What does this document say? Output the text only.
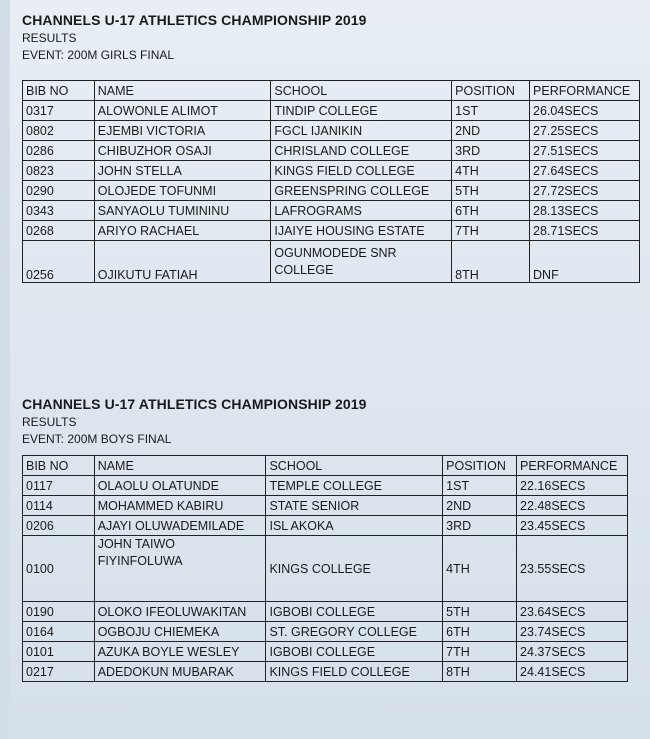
CHANNELS U-17 ATHLETICS CHAMPIONSHIP 2019
RESULTS
EVENT: 200M GIRLS FINAL
BIB NO	NAME	SCHOOL	POSITION	PERFORMANCE
0317	ALOWONLE ALIMOT	TINDIP COLLEGE	1ST	26.04SECS
0802	EJEMBI VICTORIA	FGCL IJANIKIN	2ND	27.25SECS
0286	CHIBUZHOR OSAJI	CHRISLAND COLLEGE	3RD	27.51SECS
0823	JOHN STELLA	KINGS FIELD COLLEGE	4TH	27.64SECS
0290	OLOJEDE TOFUNMI	GREENSPRING COLLEGE	5TH	27.72SECS
0343	SANYAOLU TUMININU	LAFROGRAMS	6TH	28.13SECS
0268	ARIYO RACHAEL	IJAIYE HOUSING ESTATE	7TH	28.71SECS
0256	OJIKUTU FATIAH	OGUNMODEDE SNR COLLEGE	8TH	DNF
CHANNELS U-17 ATHLETICS CHAMPIONSHIP 2019
RESULTS
EVENT: 200M BOYS FINAL
BIB NO	NAME	SCHOOL	POSITION	PERFORMANCE
0117	OLAOLU OLATUNDE	TEMPLE COLLEGE	1ST	22.16SECS
0114	MOHAMMED KABIRU	STATE SENIOR	2ND	22.48SECS
0206	AJAYI OLUWADEMILADE	ISL AKOKA	3RD	23.45SECS
0100	JOHN TAIWO FIYINFOLUWA	KINGS COLLEGE	4TH	23.55SECS
0190	OLOKO IFEOLUWAKITAN	IGBOBI COLLEGE	5TH	23.64SECS
0164	OGBOJU CHIEMEKA	ST. GREGORY COLLEGE	6TH	23.74SECS
0101	AZUKA BOYLE WESLEY	IGBOBI COLLEGE	7TH	24.37SECS
0217	ADEDOKUN MUBARAK	KINGS FIELD COLLEGE	8TH	24.41SECS
